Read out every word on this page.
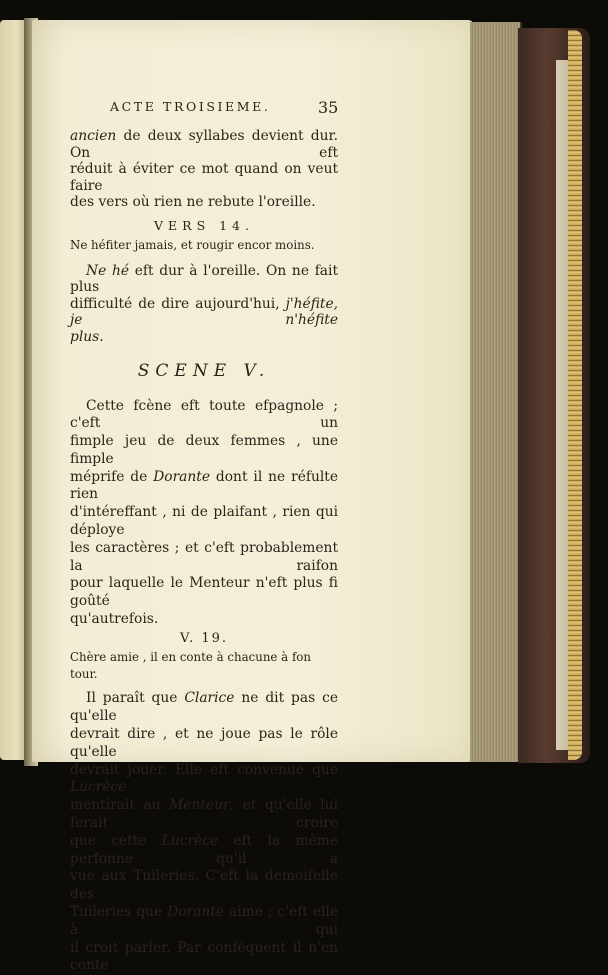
ACTE TROISIEME.	35
ancien de deux syllabes devient dur. On eft
réduit à éviter ce mot quand on veut faire
des vers où rien ne rebute l'oreille.
VERS 14.
Ne héfiter jamais, et rougir encor moins.
Ne hé eft dur à l'oreille. On ne fait plus
difficulté de dire aujourd'hui, j'héfite, je n'héfite
plus.
SCENE V.
Cette fcène eft toute efpagnole ; c'eft un
fimple jeu de deux femmes , une fimple
méprife de Dorante dont il ne réfulte rien
d'intéreffant , ni de plaifant , rien qui déploye
les caractères ; et c'eft probablement la raifon
pour laquelle le Menteur n'eft plus fi goûté
qu'autrefois.
V. 19.
Chère amie , il en conte à chacune à fon tour.
Il paraît que Clarice ne dit pas ce qu'elle
devrait dire , et ne joue pas le rôle qu'elle
devrait jouer. Elle eft convenue que Lucrèce
mentirait au Menteur, et qu'elle lui ferait croire
que cette Lucrèce eft la même perfonne qu'il a
vue aux Tuileries. C'eft la demoifelle des
Tuileries que Dorante aime ; c'eft elle à qui
il croit parler. Par conféquent il n'en conte
